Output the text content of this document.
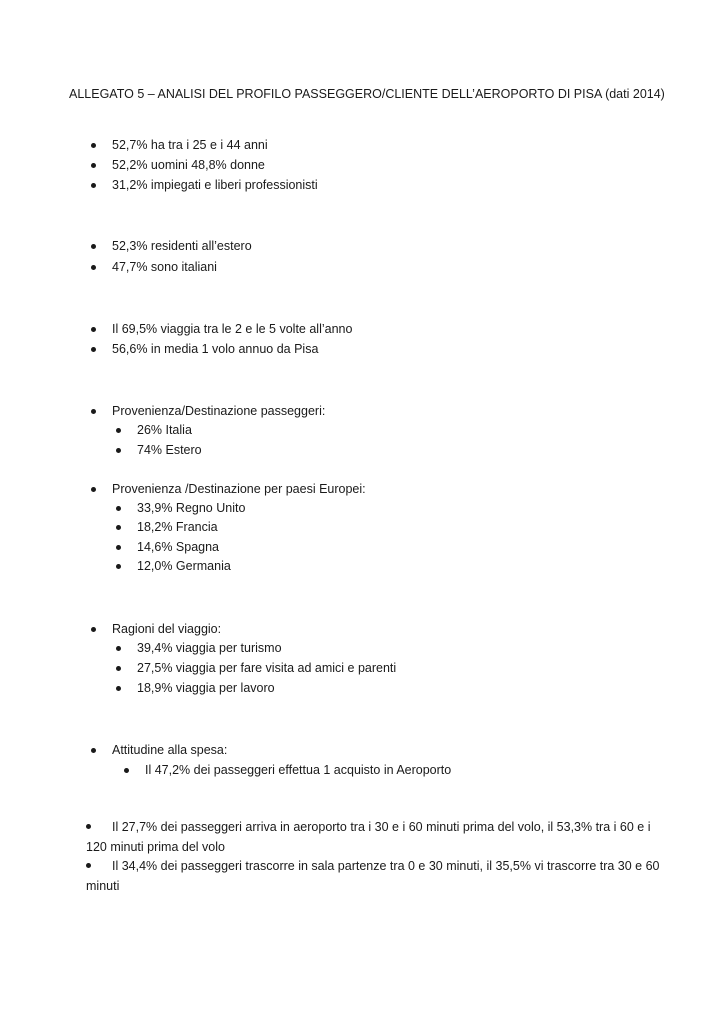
ALLEGATO 5 – ANALISI DEL PROFILO PASSEGGERO/CLIENTE DELL’AEROPORTO DI PISA (dati 2014)
52,7% ha tra i 25 e i 44 anni
52,2% uomini 48,8% donne
31,2% impiegati e liberi professionisti
52,3% residenti all’estero
47,7% sono italiani
Il 69,5% viaggia tra le 2 e le 5 volte all’anno
56,6% in media 1 volo annuo da Pisa
Provenienza/Destinazione passeggeri:
26% Italia
74% Estero
Provenienza /Destinazione per paesi Europei:
33,9% Regno Unito
18,2% Francia
14,6% Spagna
12,0% Germania
Ragioni del viaggio:
39,4% viaggia per turismo
27,5% viaggia per fare visita ad amici e parenti
18,9% viaggia per lavoro
Attitudine alla spesa:
Il 47,2% dei passeggeri effettua 1 acquisto in Aeroporto
Il 27,7% dei passeggeri arriva in aeroporto tra i 30 e i 60 minuti prima del volo, il 53,3% tra i 60 e i 120 minuti prima del volo
Il 34,4% dei passeggeri trascorre in sala partenze tra 0 e 30 minuti, il 35,5% vi trascorre tra 30 e 60 minuti
